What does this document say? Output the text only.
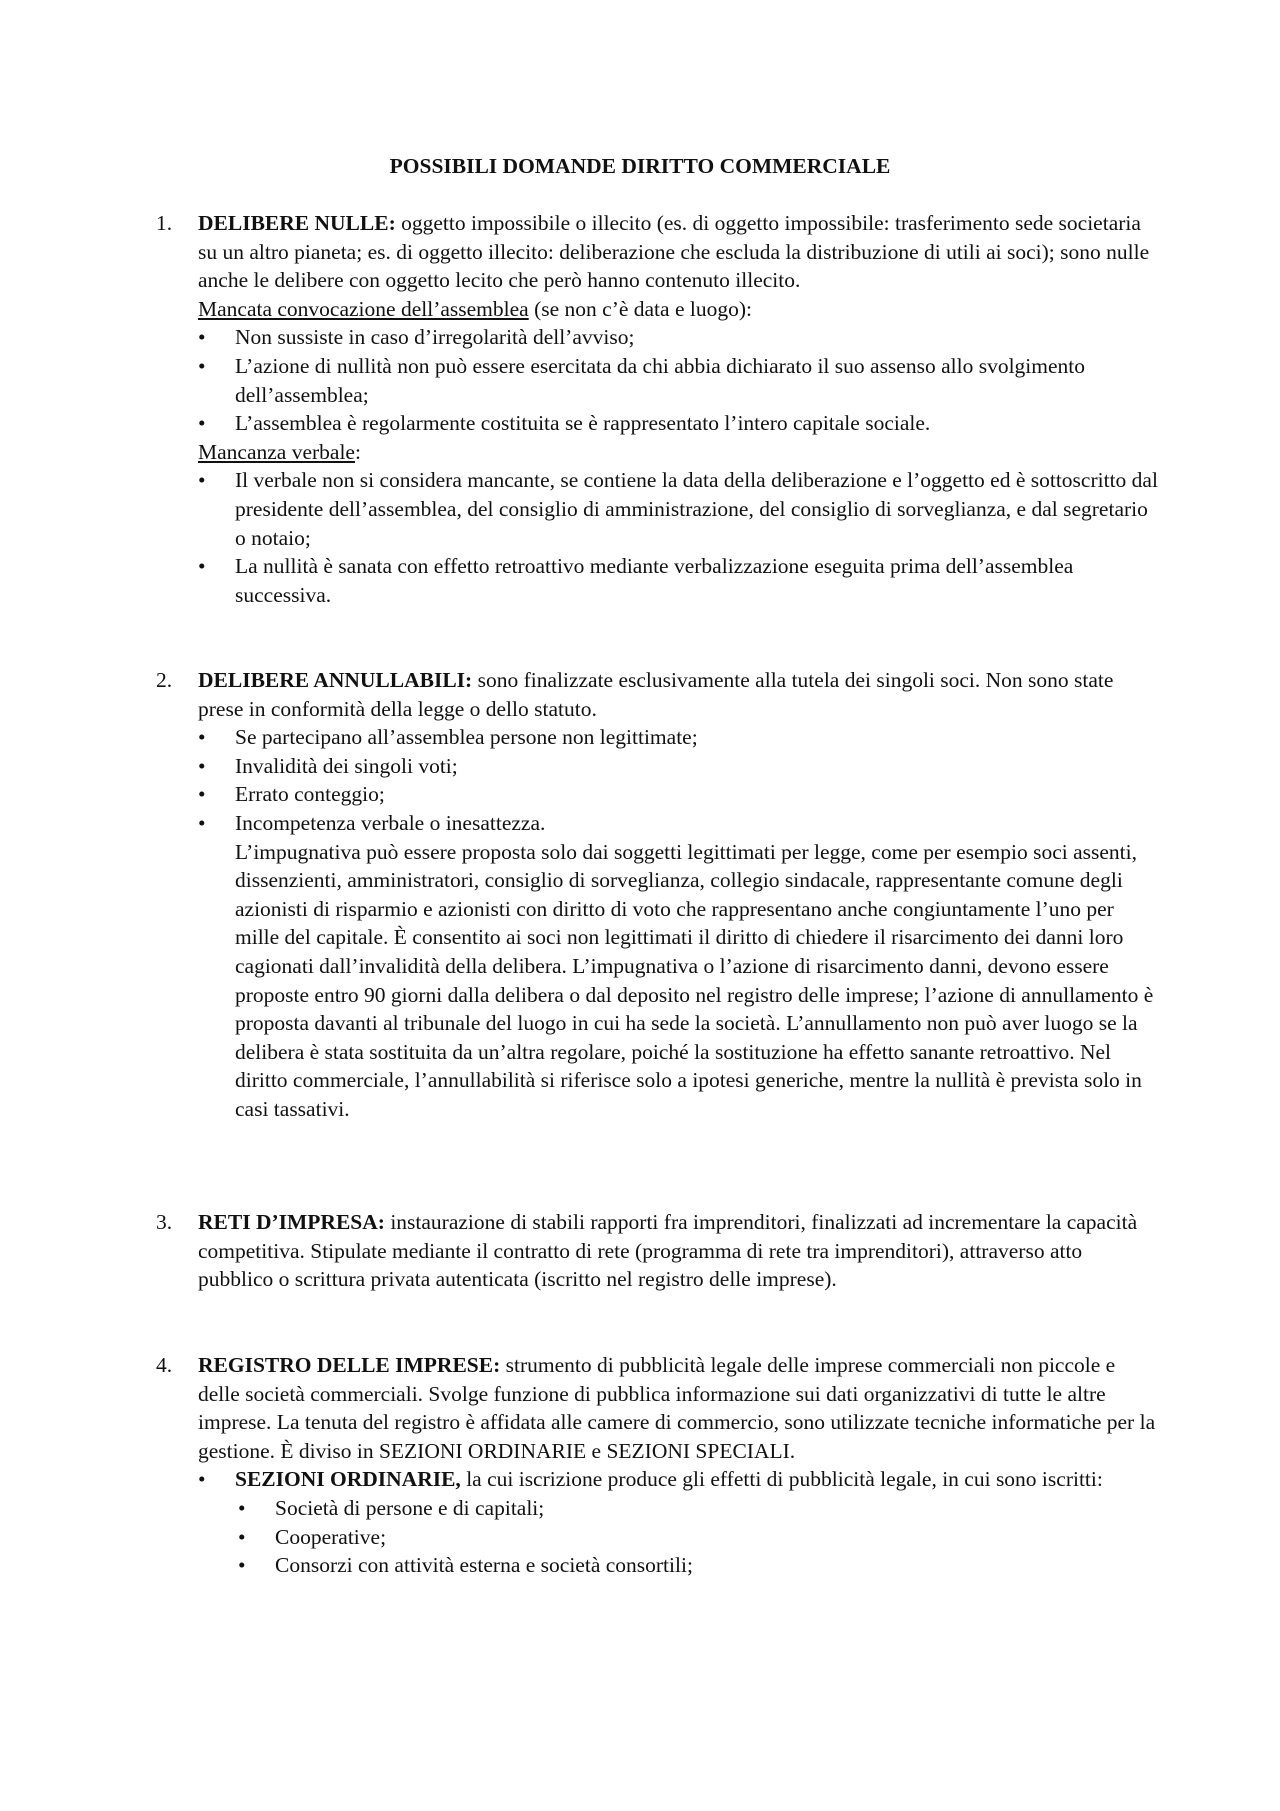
POSSIBILI DOMANDE DIRITTO COMMERCIALE
1. DELIBERE NULLE: oggetto impossibile o illecito (es. di oggetto impossibile: trasferimento sede societaria su un altro pianeta; es. di oggetto illecito: deliberazione che escluda la distribuzione di utili ai soci); sono nulle anche le delibere con oggetto lecito che però hanno contenuto illecito.
Mancata convocazione dell’assemblea (se non c’è data e luogo):
• Non sussiste in caso d’irregolarità dell’avviso;
• L’azione di nullità non può essere esercitata da chi abbia dichiarato il suo assenso allo svolgimento dell’assemblea;
• L’assemblea è regolarmente costituita se è rappresentato l’intero capitale sociale.
Mancanza verbale:
• Il verbale non si considera mancante, se contiene la data della deliberazione e l’oggetto ed è sottoscritto dal presidente dell’assemblea, del consiglio di amministrazione, del consiglio di sorveglianza, e dal segretario o notaio;
• La nullità è sanata con effetto retroattivo mediante verbalizzazione eseguita prima dell’assemblea successiva.
2. DELIBERE ANNULLABILI: sono finalizzate esclusivamente alla tutela dei singoli soci. Non sono state prese in conformità della legge o dello statuto.
• Se partecipano all’assemblea persone non legittimate;
• Invalidità dei singoli voti;
• Errato conteggio;
• Incompetenza verbale o inesattezza.
L’impugnativa può essere proposta solo dai soggetti legittimati per legge, come per esempio soci assenti, dissenzienti, amministratori, consiglio di sorveglianza, collegio sindacale, rappresentante comune degli azionisti di risparmio e azionisti con diritto di voto che rappresentano anche congiuntamente l’uno per mille del capitale. È consentito ai soci non legittimati il diritto di chiedere il risarcimento dei danni loro cagionati dall’invalidità della delibera. L’impugnativa o l’azione di risarcimento danni, devono essere proposte entro 90 giorni dalla delibera o dal deposito nel registro delle imprese; l’azione di annullamento è proposta davanti al tribunale del luogo in cui ha sede la società. L’annullamento non può aver luogo se la delibera è stata sostituita da un’altra regolare, poiché la sostituzione ha effetto sanante retroattivo. Nel diritto commerciale, l’annullabilità si riferisce solo a ipotesi generiche, mentre la nullità è prevista solo in casi tassativi.
3. RETI D’IMPRESA: instaurazione di stabili rapporti fra imprenditori, finalizzati ad incrementare la capacità competitiva. Stipulate mediante il contratto di rete (programma di rete tra imprenditori), attraverso atto pubblico o scrittura privata autenticata (iscritto nel registro delle imprese).
4. REGISTRO DELLE IMPRESE: strumento di pubblicità legale delle imprese commerciali non piccole e delle società commerciali. Svolge funzione di pubblica informazione sui dati organizzativi di tutte le altre imprese. La tenuta del registro è affidata alle camere di commercio, sono utilizzate tecniche informatiche per la gestione. È diviso in SEZIONI ORDINARIE e SEZIONI SPECIALI.
• SEZIONI ORDINARIE, la cui iscrizione produce gli effetti di pubblicità legale, in cui sono iscritti:
• Società di persone e di capitali;
• Cooperative;
• Consorzi con attività esterna e società consortili;
